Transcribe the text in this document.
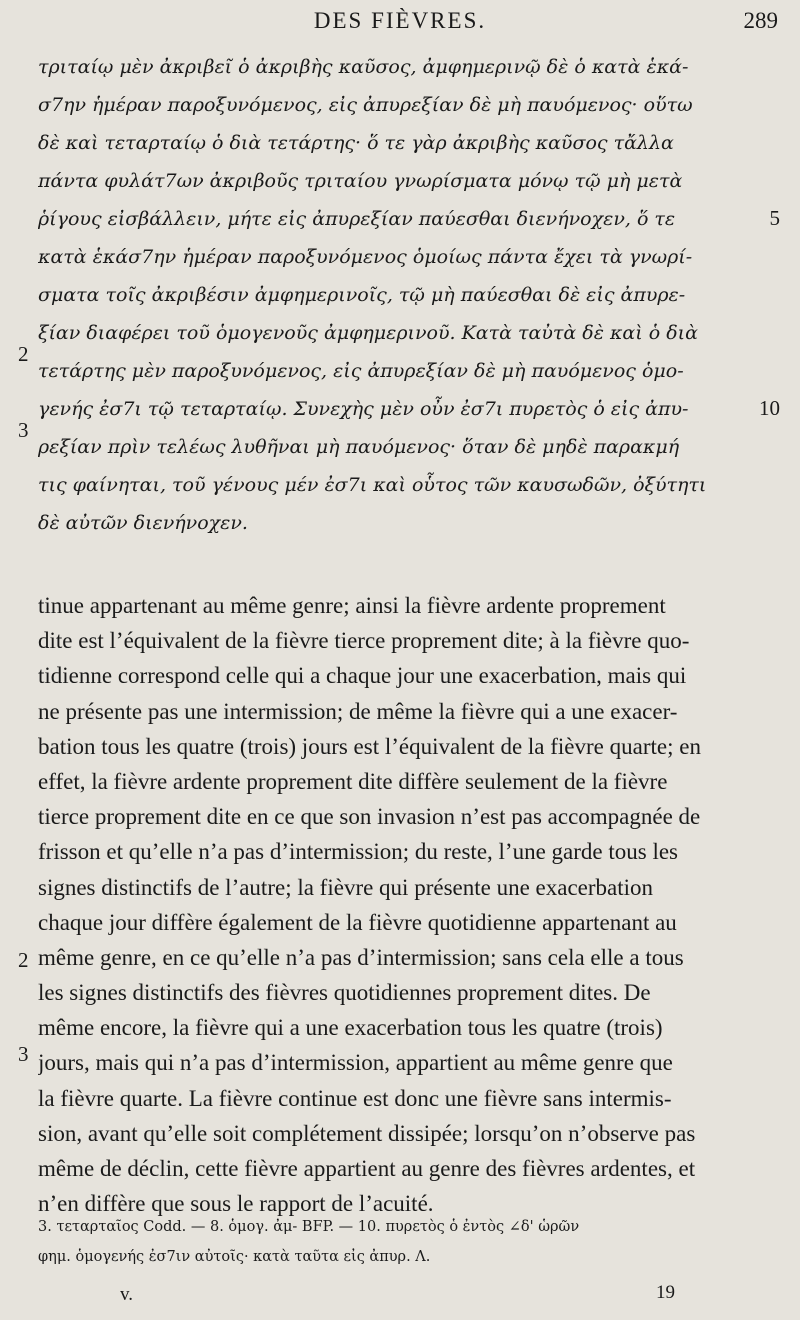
DES FIÈVRES.	289
τριταίῳ μὲν ἀκριβεῖ ὁ ἀκριβὴς καῦσος, ἀμφημερινῷ δὲ ὁ κατὰ ἑκά-
σ7ην ἡμέραν παροξυνόμενος, εἰς ἀπυρεξίαν δὲ μὴ παυόμενος· οὕτω
δὲ καὶ τεταρταίῳ ὁ διὰ τετάρτης· ὅ τε γὰρ ἀκριβὴς καῦσος τἄλλα
πάντα φυλάτ7ων ἀκριβοῦς τριταίου γνωρίσματα μόνῳ τῷ μὴ μετὰ
ῥίγους εἰσβάλλειν, μήτε εἰς ἀπυρεξίαν παύεσθαι διενήνοχεν, ὅ τε
κατὰ ἑκάσ7ην ἡμέραν παροξυνόμενος ὁμοίως πάντα ἔχει τὰ γνωρί-
σματα τοῖς ἀκριβέσιν ἀμφημερινοῖς, τῷ μὴ παύεσθαι δὲ εἰς ἀπυρε-
ξίαν διαφέρει τοῦ ὁμογενοῦς ἀμφημερινοῦ. Κατὰ ταὐτὰ δὲ καὶ ὁ διὰ
τετάρτης μὲν παροξυνόμενος, εἰς ἀπυρεξίαν δὲ μὴ παυόμενος ὁμο-
γενής ἐσ7ι τῷ τεταρταίῳ. Συνεχὴς μὲν οὖν ἐσ7ι πυρετὸς ὁ εἰς ἀπυ-
ρεξίαν πρὶν τελέως λυθῆναι μὴ παυόμενος· ὅταν δὲ μηδὲ παρακμή
τις φαίνηται, τοῦ γένους μέν ἐσ7ι καὶ οὗτος τῶν καυσωδῶν, ὀξύτητι
δὲ αὐτῶν διενήνοχεν.
5
10
2
3
tinue appartenant au même genre; ainsi la fièvre ardente proprement
dite est l’équivalent de la fièvre tierce proprement dite; à la fièvre quo-
tidienne correspond celle qui a chaque jour une exacerbation, mais qui
ne présente pas une intermission; de même la fièvre qui a une exacer-
bation tous les quatre (trois) jours est l’équivalent de la fièvre quarte; en
effet, la fièvre ardente proprement dite diffère seulement de la fièvre
tierce proprement dite en ce que son invasion n’est pas accompagnée de
frisson et qu’elle n’a pas d’intermission; du reste, l’une garde tous les
signes distinctifs de l’autre; la fièvre qui présente une exacerbation
chaque jour diffère également de la fièvre quotidienne appartenant au
même genre, en ce qu’elle n’a pas d’intermission; sans cela elle a tous
les signes distinctifs des fièvres quotidiennes proprement dites. De
même encore, la fièvre qui a une exacerbation tous les quatre (trois)
jours, mais qui n’a pas d’intermission, appartient au même genre que
la fièvre quarte. La fièvre continue est donc une fièvre sans intermis-
sion, avant qu’elle soit complétement dissipée; lorsqu’on n’observe pas
même de déclin, cette fièvre appartient au genre des fièvres ardentes, et
n’en diffère que sous le rapport de l’acuité.
2
3
3. τεταρταῖος Codd. — 8. ὁμογ. ἀμ- BFP. — 10. πυρετὸς ὁ ἐντὸς ∠δ' ὡρῶν
φημ. ὁμογενής ἐσ7ιν αὐτοῖς· κατὰ ταῦτα εἰς ἀπυρ. Λ.
v.	19
